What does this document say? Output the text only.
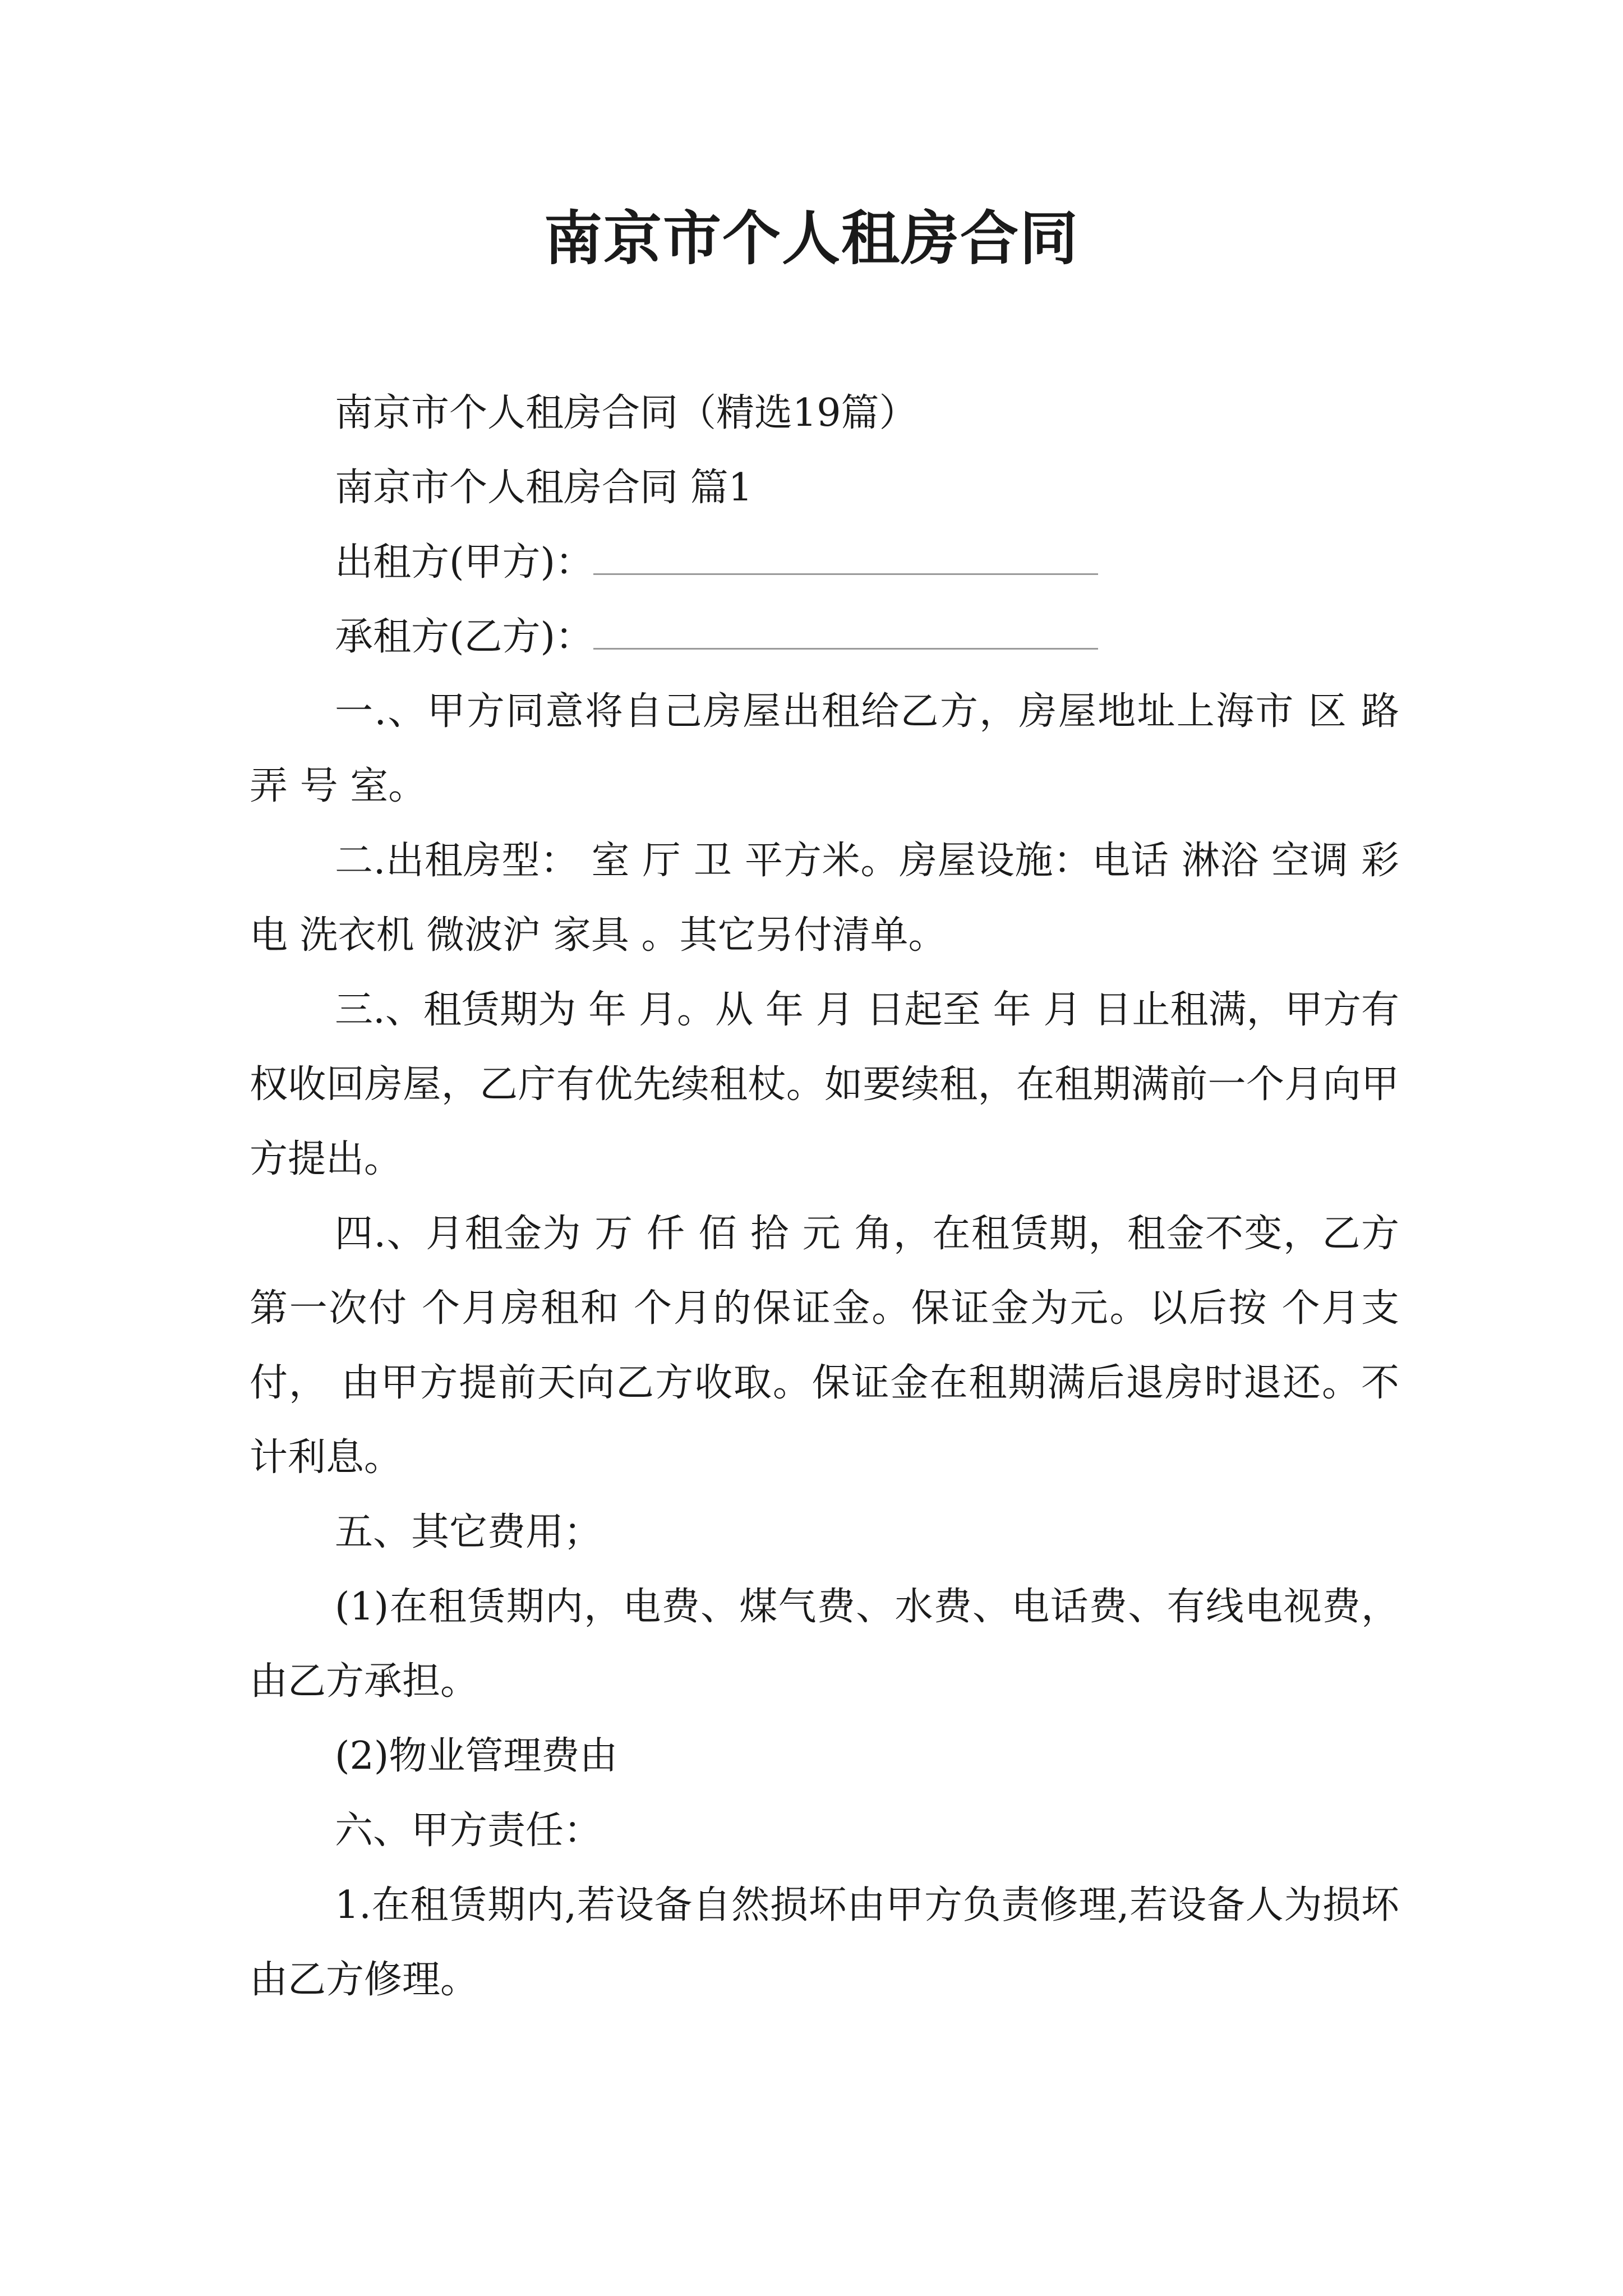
南京市个人租房合同

南京市个人租房合同（精选19篇）

南京市个人租房合同 篇1

出租方(甲方)：

承租方(乙方)：

一.、甲方同意将自己房屋出租给乙方，房屋地址上海市 区 路 弄 号 室。

二.出租房型： 室 厅 卫 平方米。房屋设施：电话 淋浴 空调 彩电 洗衣机 微波沪 家具 。其它另付清单。

三.、租赁期为 年 月。从 年 月 日起至 年 月 日止租满，甲方有权收回房屋，乙庁有优先续租杖。如要续租，在租期满前一个月向甲方提出。

四.、月租金为 万 仟 佰 拾 元 角，在租赁期，租金不变，乙方第一次付 个月房租和 个月的保证金。保证金为元。以后按 个月支付， 由甲方提前天向乙方收取。保证金在租期满后退房时退还。不计利息。

五、其它费用；

(1)在租赁期内，电费、煤气费、水费、电话费、有线电视费，由乙方承担。

(2)物业管理费由

六、甲方责任：

1.在租赁期内,若设备自然损坏由甲方负责修理,若设备人为损坏由乙方修理。
